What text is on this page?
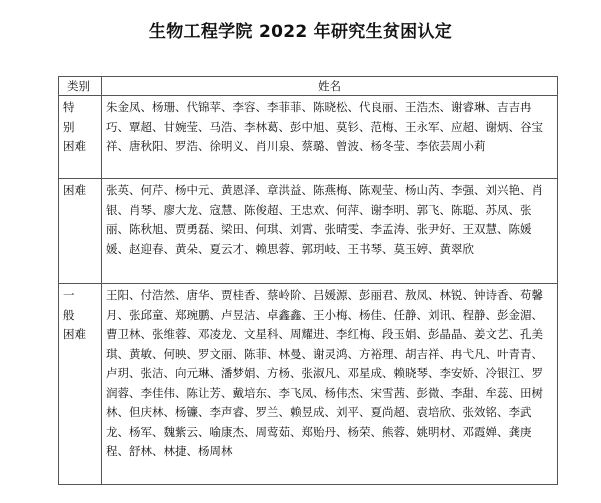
生物工程学院 2022 年研究生贫困认定
类别	姓名

特　别
困难	朱金凤、杨珊、代锦苹、李容、李菲菲、陈晓松、代良丽、王浩杰、谢睿琳、吉吉冉巧、覃超、甘婉莹、马浩、李林葛、彭中旭、莫钐、范梅、王永军、应超、谢炳、谷宝祥、唐秋阳、罗浩、徐明义、肖川泉、蔡璐、曾波、杨冬莹、李依芸周小莉

困难	张英、何芹、杨中元、黄恩泽、章洪益、陈燕梅、陈观莹、杨山芮、李强、刘兴艳、肖银、肖琴、廖大龙、寇慧、陈俊超、王忠欢、何萍、谢李明、郭飞、陈聪、苏凤、张丽、陈秋旭、贾勇磊、梁田、何琪、刘霄、张晴雯、李孟涛、张尹好、王双慧、陈媛媛、赵迎春、黄朵、夏云才、赖思蓉、郭玥岐、王书琴、莫玉婷、黄翠欣

一　般
困难	王阳、付浩然、唐华、贾桂香、蔡岭阶、吕媛源、彭丽君、敖凤、林锐、钟诗香、苟馨月、张邱童、郑琬鹏、卢昱洁、卓鑫鑫、王小梅、杨佳、任静、刘讯、程静、彭金湄、曹卫林、张维蓉、邓凌龙、文星科、周耀进、李红梅、段玉娟、彭晶晶、姜文艺、孔美琪、黄敏、何映、罗文丽、陈菲、林曼、谢灵鸿、方裕理、胡吉祥、冉弋凡、叶青青、卢玥、张洁、向元琳、潘梦娟、方杨、张淑凡、邓星成、赖晓琴、李安娇、冷银江、罗润蓉、李佳伟、陈让芳、戴培东、李飞凤、杨伟杰、宋雪茜、彭微、李甜、牟蕊、田树林、但庆林、杨镰、李声睿、罗兰、赖昱成、刘平、夏尚超、袁培欣、张效铭、李武龙、杨军、魏紫云、喻康杰、周莺茹、郑贻丹、杨荣、熊蓉、姚明材、邓霞婵、龚庚程、舒林、林捷、杨周林
